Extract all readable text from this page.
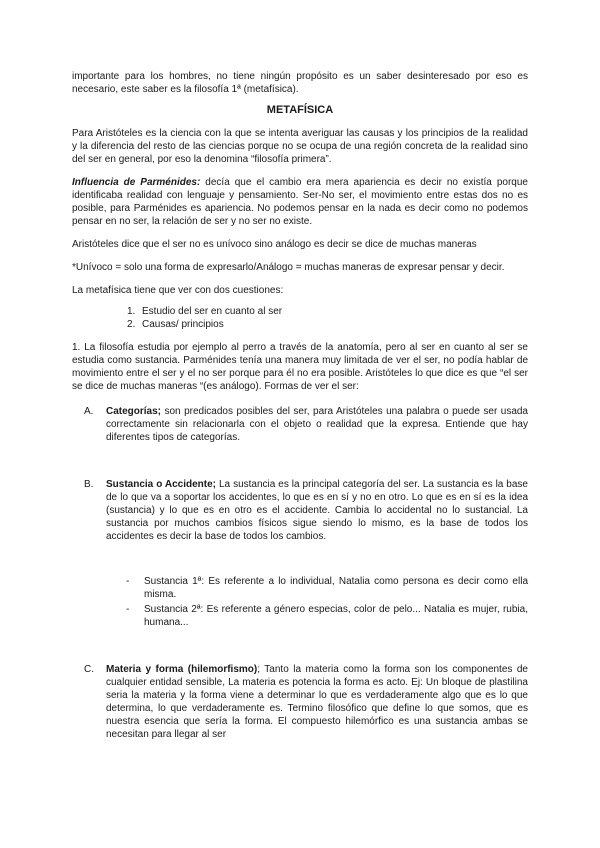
importante para los hombres, no tiene ningún propósito es un saber desinteresado por eso es necesario, este saber es la filosofía 1ª (metafísica).

METAFÍSICA

Para Aristóteles es la ciencia con la que se intenta averiguar las causas y los principios de la realidad y la diferencia del resto de las ciencias porque no se ocupa de una región concreta de la realidad sino del ser en general, por eso la denomina “filosofía primera”.

Influencia de Parménides: decía que el cambio era mera apariencia es decir no existía porque identificaba realidad con lenguaje y pensamiento. Ser-No ser, el movimiento entre estas dos no es posible, para Parménides es apariencia. No podemos pensar en la nada es decir como no podemos pensar en no ser, la relación de ser y no ser no existe.

Aristóteles dice que el ser no es unívoco sino análogo es decir se dice de muchas maneras

*Unívoco = solo una forma de expresarlo/Análogo = muchas maneras de expresar pensar y decir.

La metafísica tiene que ver con dos cuestiones:

1. Estudio del ser en cuanto al ser
2. Causas/ principios

1. La filosofía estudia por ejemplo al perro a través de la anatomía, pero al ser en cuanto al ser se estudia como sustancia. Parménides tenía una manera muy limitada de ver el ser, no podía hablar de movimiento entre el ser y el no ser porque para él no era posible. Aristóteles lo que dice es que “el ser se dice de muchas maneras “(es análogo). Formas de ver el ser:

A. Categorías; son predicados posibles del ser, para Aristóteles una palabra o puede ser usada correctamente sin relacionarla con el objeto o realidad que la expresa. Entiende que hay diferentes tipos de categorías.

B. Sustancia o Accidente; La sustancia es la principal categoría del ser. La sustancia es la base de lo que va a soportar los accidentes, lo que es en sí y no en otro. Lo que es en sí es la idea (sustancia) y lo que es en otro es el accidente. Cambia lo accidental no lo sustancial. La sustancia por muchos cambios físicos sigue siendo lo mismo, es la base de todos los accidentes es decir la base de todos los cambios.

- Sustancia 1ª: Es referente a lo individual, Natalia como persona es decir como ella misma.

- Sustancia 2ª: Es referente a género especias, color de pelo... Natalia es mujer, rubia, humana...

C. Materia y forma (hilemorfismo); Tanto la materia como la forma son los componentes de cualquier entidad sensible, La materia es potencia la forma es acto. Ej: Un bloque de plastilina seria la materia y la forma viene a determinar lo que es verdaderamente algo que es lo que determina, lo que verdaderamente es. Termino filosófico que define lo que somos, que es nuestra esencia que sería la forma. El compuesto hilemórfico es una sustancia ambas se necesitan para llegar al ser
